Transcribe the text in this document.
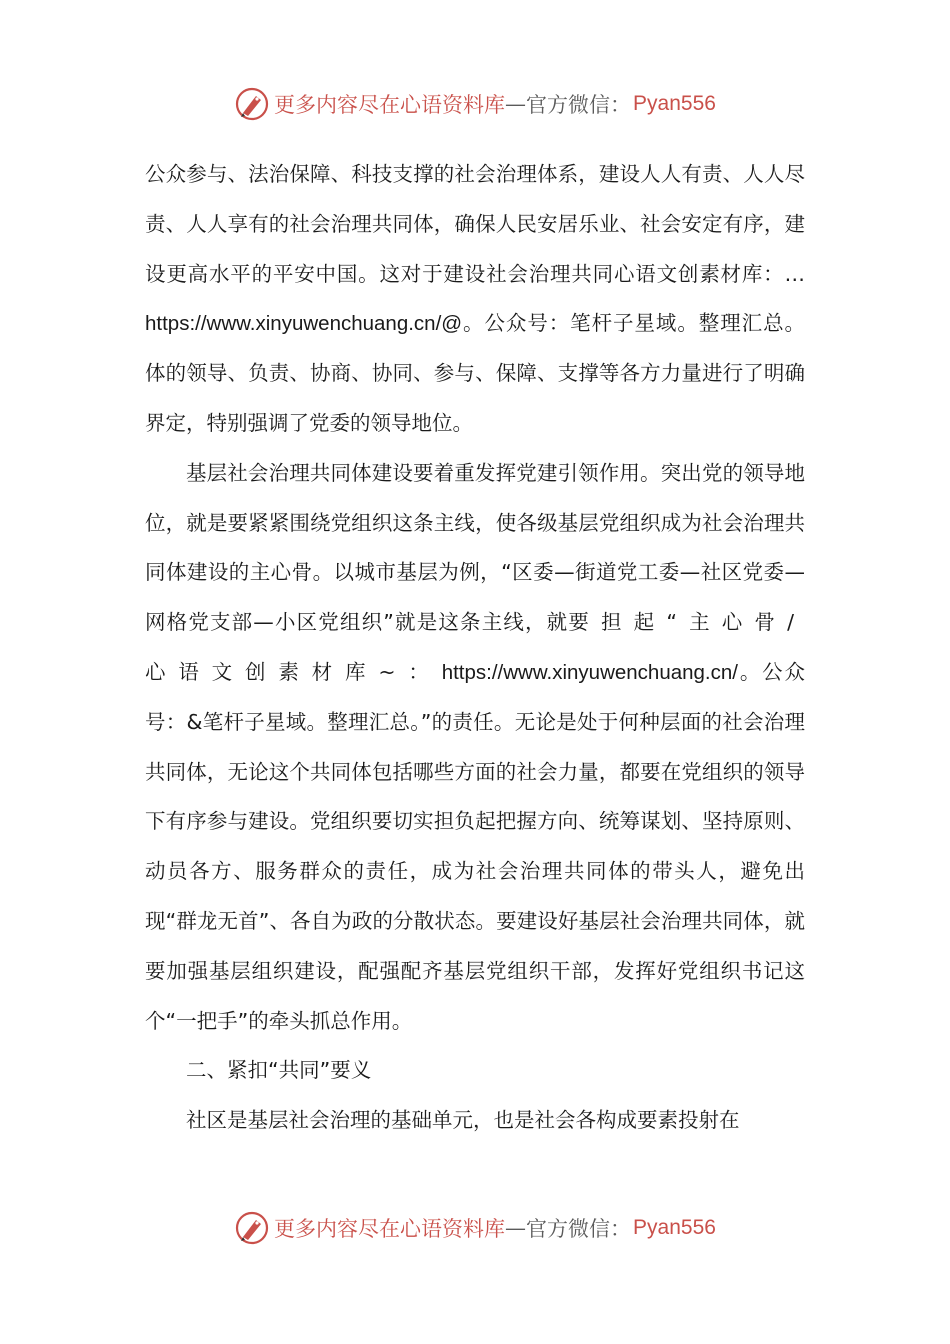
更多内容尽在心语资料库 — 官方微信： Pyan556

公众参与、法治保障、科技支撑的社会治理体系，建设人人有责、人人尽责、人人享有的社会治理共同体，确保人民安居乐业、社会安定有序，建设更高水平的平安中国。这对于建设社会治理共同心语文创素材库：…https://www.xinyuwenchuang.cn/@。公众号：笔杆子星域。整理汇总。体的领导、负责、协商、协同、参与、保障、支撑等各方力量进行了明确界定，特别强调了党委的领导地位。

基层社会治理共同体建设要着重发挥党建引领作用。突出党的领导地位，就是要紧紧围绕党组织这条主线，使各级基层党组织成为社会治理共同体建设的主心骨。以城市基层为例，“区委—街道党工委—社区党委—网格党支部—小区党组织”就是这条主线，就要担起“主心骨/心语文创素材库~：https://www.xinyuwenchuang.cn/。公众号：&笔杆子星域。整理汇总。”的责任。无论是处于何种层面的社会治理共同体，无论这个共同体包括哪些方面的社会力量，都要在党组织的领导下有序参与建设。党组织要切实担负起把握方向、统筹谋划、坚持原则、动员各方、服务群众的责任，成为社会治理共同体的带头人，避免出现“群龙无首”、各自为政的分散状态。要建设好基层社会治理共同体，就要加强基层组织建设，配强配齐基层党组织干部，发挥好党组织书记这个“一把手”的牵头抓总作用。

二、紧扣“共同”要义

社区是基层社会治理的基础单元，也是社会各构成要素投射在

更多内容尽在心语资料库 — 官方微信： Pyan556
